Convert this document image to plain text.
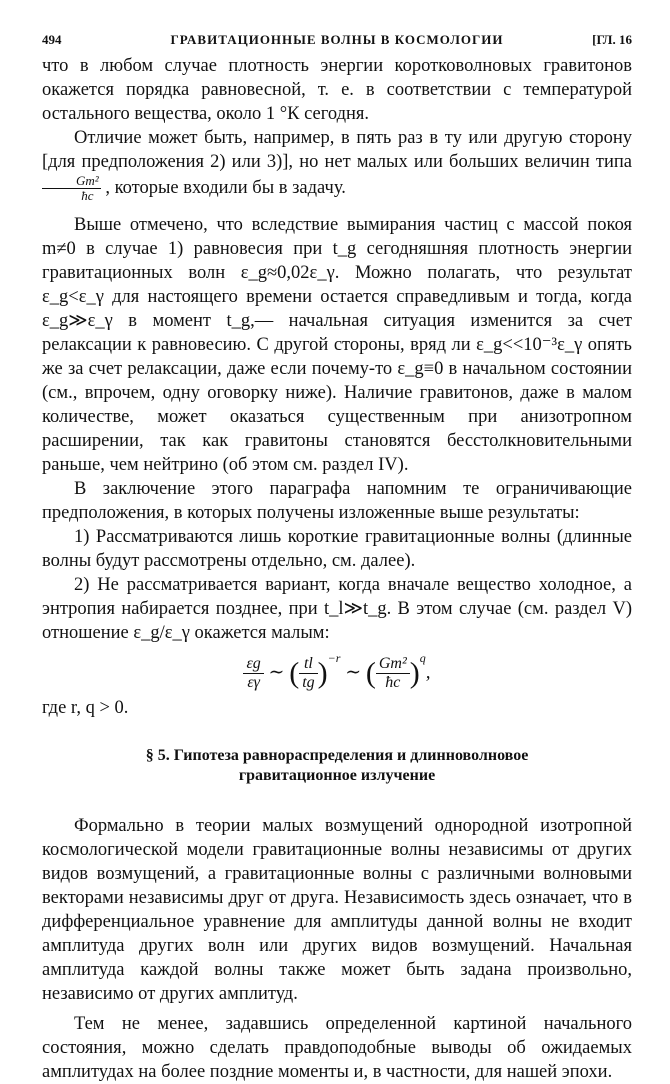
494	ГРАВИТАЦИОННЫЕ ВОЛНЫ В КОСМОЛОГИИ	[ГЛ. 16

что в любом случае плотность энергии коротковолновых гравитонов окажется порядка равновесной, т. е. в соответствии с температурой остального вещества, около 1 °К сегодня.

Отличие может быть, например, в пять раз в ту или другую сторону [для предположения 2) или 3)], но нет малых или больших величин типа
$\frac{\text{Gm²}}{ħc}$ , которые входили бы в задачу.

Выше отмечено, что вследствие вымирания частиц с массой покоя m≠0 в случае 1) равновесия при t_g сегодняшняя плотность энергии гравитационных волн ε_g≈0,02ε_γ. Можно полагать, что результат ε_g<ε_γ для настоящего времени остается справедливым и тогда, когда ε_g≫ε_γ в момент t_g,— начальная ситуация изменится за счет релаксации к равновесию. С другой стороны, вряд ли ε_g<<10⁻³ε_γ опять же за счет релаксации, даже если почему-то ε_g≡0 в начальном состоянии (см., впрочем, одну оговорку ниже). Наличие гравитонов, даже в малом количестве, может оказаться существенным при анизотропном расширении, так как гравитоны становятся бесстолкновительными раньше, чем нейтрино (об этом см. раздел IV).

В заключение этого параграфа напомним те ограничивающие предположения, в которых получены изложенные выше результаты:

1) Рассматриваются лишь короткие гравитационные волны (длинные волны будут рассмотрены отдельно, см. далее).

2) Не рассматривается вариант, когда вначале вещество холодное, а энтропия набирается позднее, при t_l≫t_g. В этом случае (см. раздел V) отношение ε_g/ε_γ окажется малым:

$\frac{\varepsilon g}{\varepsilon\gamma}$ ∼ ( $\frac{tl}{tg} )^{-r}$ ∼ ( $\frac{\text{Gm²}}{ħc} )^q$,
где r, q > 0.
§ 5. Гипотеза равнораспределения и длинноволновое
гравитационное излучение

Формально в теории малых возмущений однородной изотропной космологической модели гравитационные волны независимы от других видов возмущений, а гравитационные волны с различными волновыми векторами независимы друг от друга. Независимость здесь означает, что в дифференциальное уравнение для амплитуды данной волны не входит амплитуда других волн или других видов возмущений. Начальная амплитуда каждой волны также может быть задана произвольно, независимо от других амплитуд.

Тем не менее, задавшись определенной картиной начального состояния, можно сделать правдоподобные выводы об ожидаемых амплитудах на более поздние моменты и, в частности, для нашей эпохи.
